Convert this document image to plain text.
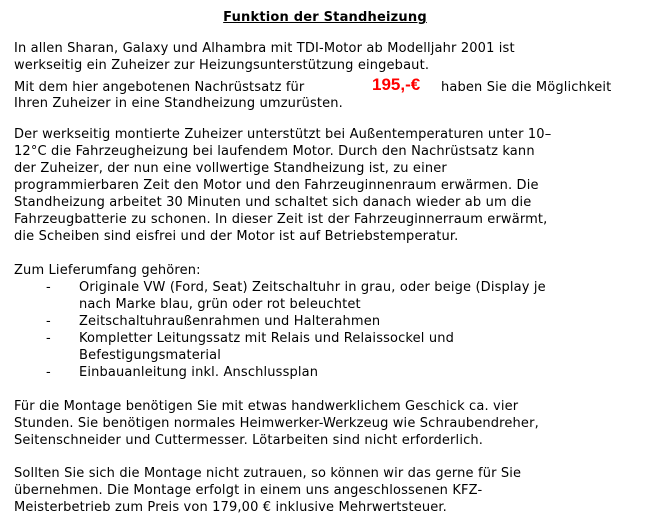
Funktion der Standheizung
In allen Sharan, Galaxy und Alhambra mit TDI-Motor ab Modelljahr 2001 ist
werkseitig ein Zuheizer zur Heizungsunterstützung eingebaut.
Mit dem hier angebotenen Nachrüstsatz für	195,-€ haben Sie die Möglichkeit
Ihren Zuheizer in eine Standheizung umzurüsten.
Der werkseitig montierte Zuheizer unterstützt bei Außentemperaturen unter 10–
12°C die Fahrzeugheizung bei laufendem Motor. Durch den Nachrüstsatz kann
der Zuheizer, der nun eine vollwertige Standheizung ist, zu einer
programmierbaren Zeit den Motor und den Fahrzeuginnenraum erwärmen. Die
Standheizung arbeitet 30 Minuten und schaltet sich danach wieder ab um die
Fahrzeugbatterie zu schonen. In dieser Zeit ist der Fahrzeuginnerraum erwärmt,
die Scheiben sind eisfrei und der Motor ist auf Betriebstemperatur.
Zum Lieferumfang gehören:
- Originale VW (Ford, Seat) Zeitschaltuhr in grau, oder beige (Display je
nach Marke blau, grün oder rot beleuchtet
- Zeitschaltuhraußenrahmen und Halterahmen
- Kompletter Leitungssatz mit Relais und Relaissockel und
Befestigungsmaterial
- Einbauanleitung inkl. Anschlussplan
Für die Montage benötigen Sie mit etwas handwerklichem Geschick ca. vier
Stunden. Sie benötigen normales Heimwerker-Werkzeug wie Schraubendreher,
Seitenschneider und Cuttermesser. Lötarbeiten sind nicht erforderlich.
Sollten Sie sich die Montage nicht zutrauen, so können wir das gerne für Sie
übernehmen. Die Montage erfolgt in einem uns angeschlossenen KFZ-
Meisterbetrieb zum Preis von 179,00 € inklusive Mehrwertsteuer.
